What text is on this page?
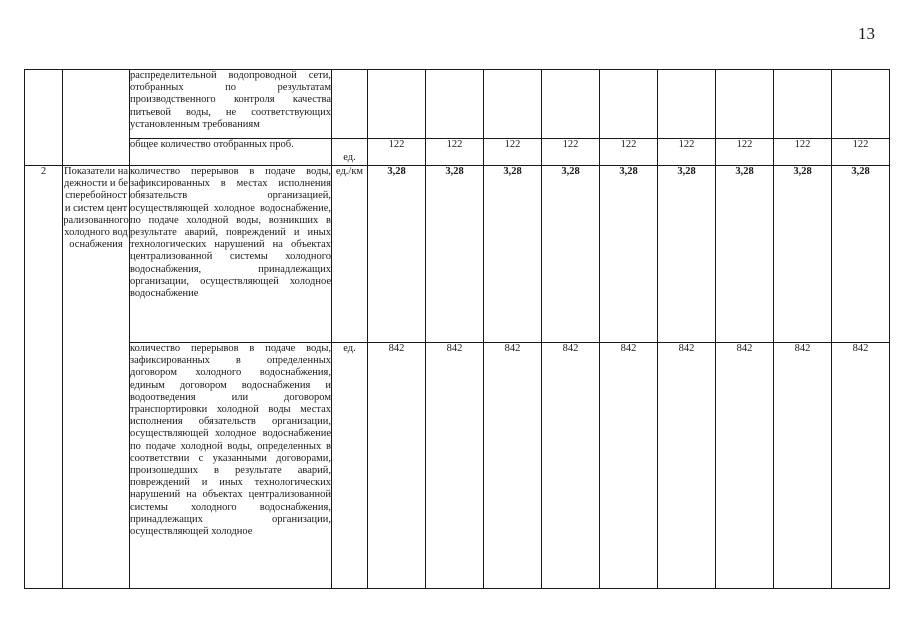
13

		распределительной водопроводной сети, отобранных по результатам производственного контроля качества питьевой воды, не соответствующих установленным требованиям										

		общее количество отобранных проб.	ед.	122	122	122	122	122	122	122	122	122
2	Показатели надежности и бесперебойности систем централизованного холодного водоснабжения	количество перерывов в подаче воды, зафиксированных в местах исполнения обязательств организацией, осуществляющей холодное водоснабжение, по подаче холодной воды, возникших в результате аварий, повреждений и иных технологических нарушений на объектах централизованной системы холодного водоснабжения, принадлежащих организации, осуществляющей холодное водоснабжение	ед./км	3,28	3,28	3,28	3,28	3,28	3,28	3,28	3,28	3,28

		количество перерывов в подаче воды, зафиксированных в определенных договором холодного водоснабжения, единым договором водоснабжения и водоотведения или договором транспортировки холодной воды местах исполнения обязательств организации, осуществляющей холодное водоснабжение по подаче холодной воды, определенных в соответствии с указанными договорами, произошедших в результате аварий, повреждений и иных технологических нарушений на объектах централизованной системы холодного водоснабжения, принадлежащих организации, осуществляющей холодное	ед.	842	842	842	842	842	842	842	842	842
